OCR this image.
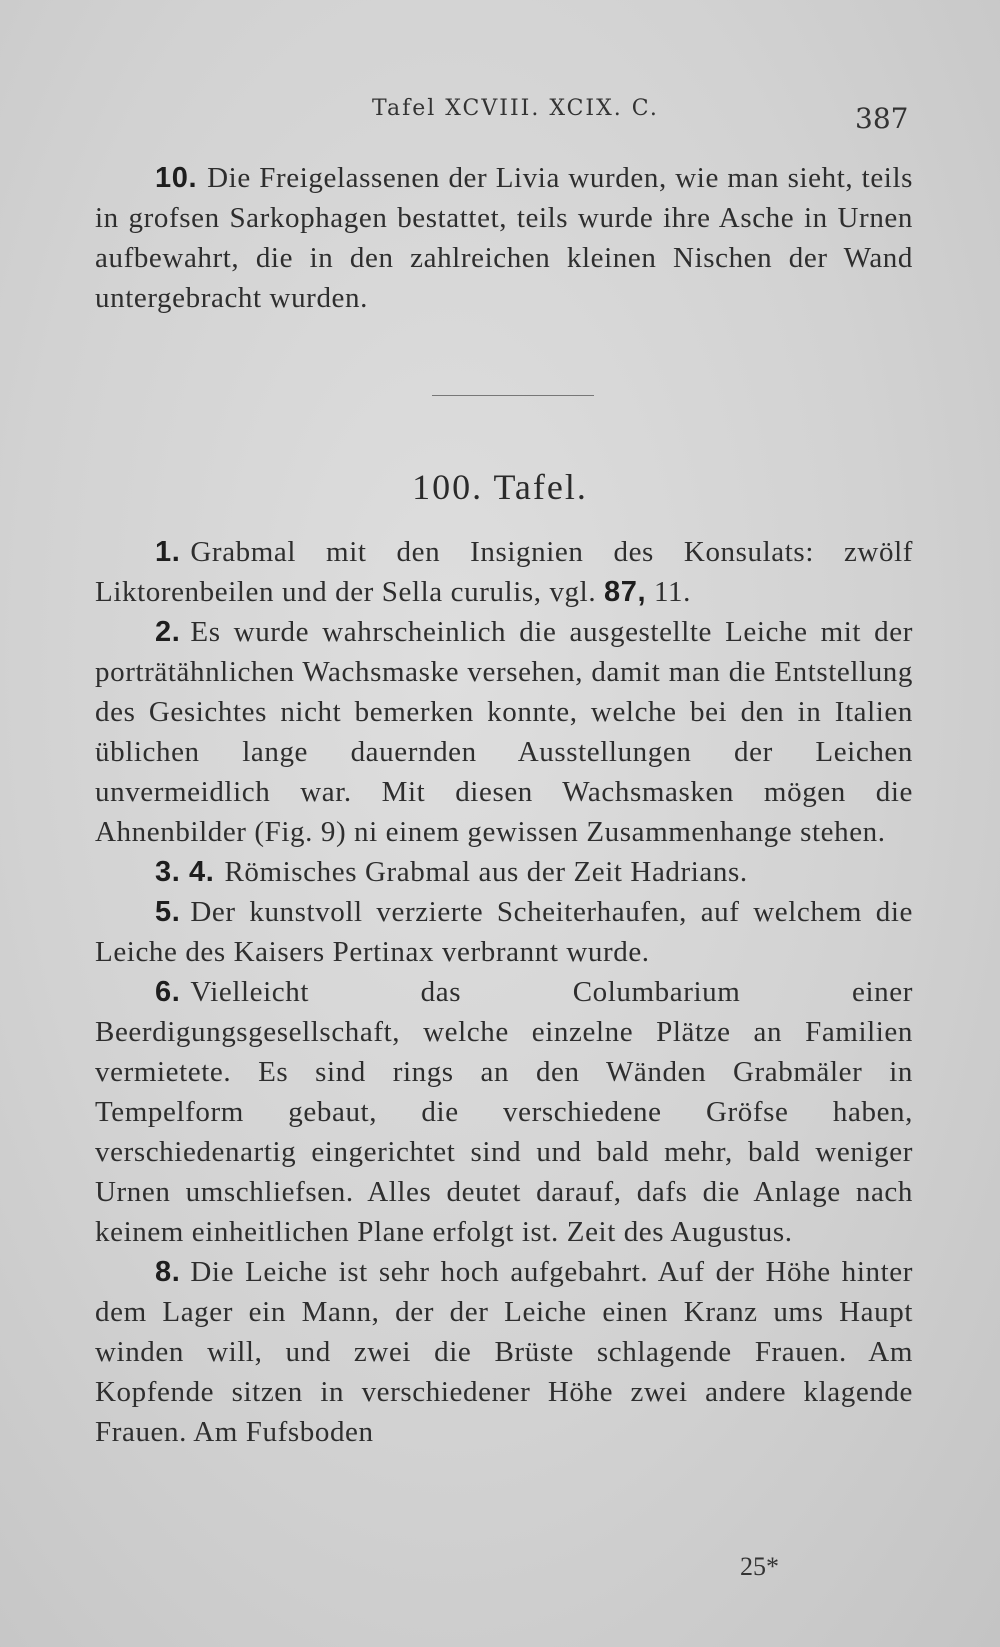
Tafel XCVIII. XCIX. C.	387

10. Die Freigelassenen der Livia wurden, wie man sieht, teils in grofsen Sarkophagen bestattet, teils wurde ihre Asche in Urnen aufbewahrt, die in den zahlreichen kleinen Nischen der Wand untergebracht wurden.

100. Tafel.

1. Grabmal mit den Insignien des Konsulats: zwölf Liktorenbeilen und der Sella curulis, vgl. 87, 11.

2. Es wurde wahrscheinlich die ausgestellte Leiche mit der porträtähnlichen Wachsmaske versehen, damit man die Entstellung des Gesichtes nicht bemerken konnte, welche bei den in Italien üblichen lange dauernden Ausstellungen der Leichen unvermeidlich war. Mit diesen Wachsmasken mögen die Ahnenbilder (Fig. 9) ni einem gewissen Zusammenhange stehen.

3. 4. Römisches Grabmal aus der Zeit Hadrians.

5. Der kunstvoll verzierte Scheiterhaufen, auf welchem die Leiche des Kaisers Pertinax verbrannt wurde.

6. Vielleicht das Columbarium einer Beerdigungsgesellschaft, welche einzelne Plätze an Familien vermietete. Es sind rings an den Wänden Grabmäler in Tempelform gebaut, die verschiedene Gröfse haben, verschiedenartig eingerichtet sind und bald mehr, bald weniger Urnen umschliefsen. Alles deutet darauf, dafs die Anlage nach keinem einheitlichen Plane erfolgt ist. Zeit des Augustus.

8. Die Leiche ist sehr hoch aufgebahrt. Auf der Höhe hinter dem Lager ein Mann, der der Leiche einen Kranz ums Haupt winden will, und zwei die Brüste schlagende Frauen. Am Kopfende sitzen in verschiedener Höhe zwei andere klagende Frauen. Am Fufsboden

25*
